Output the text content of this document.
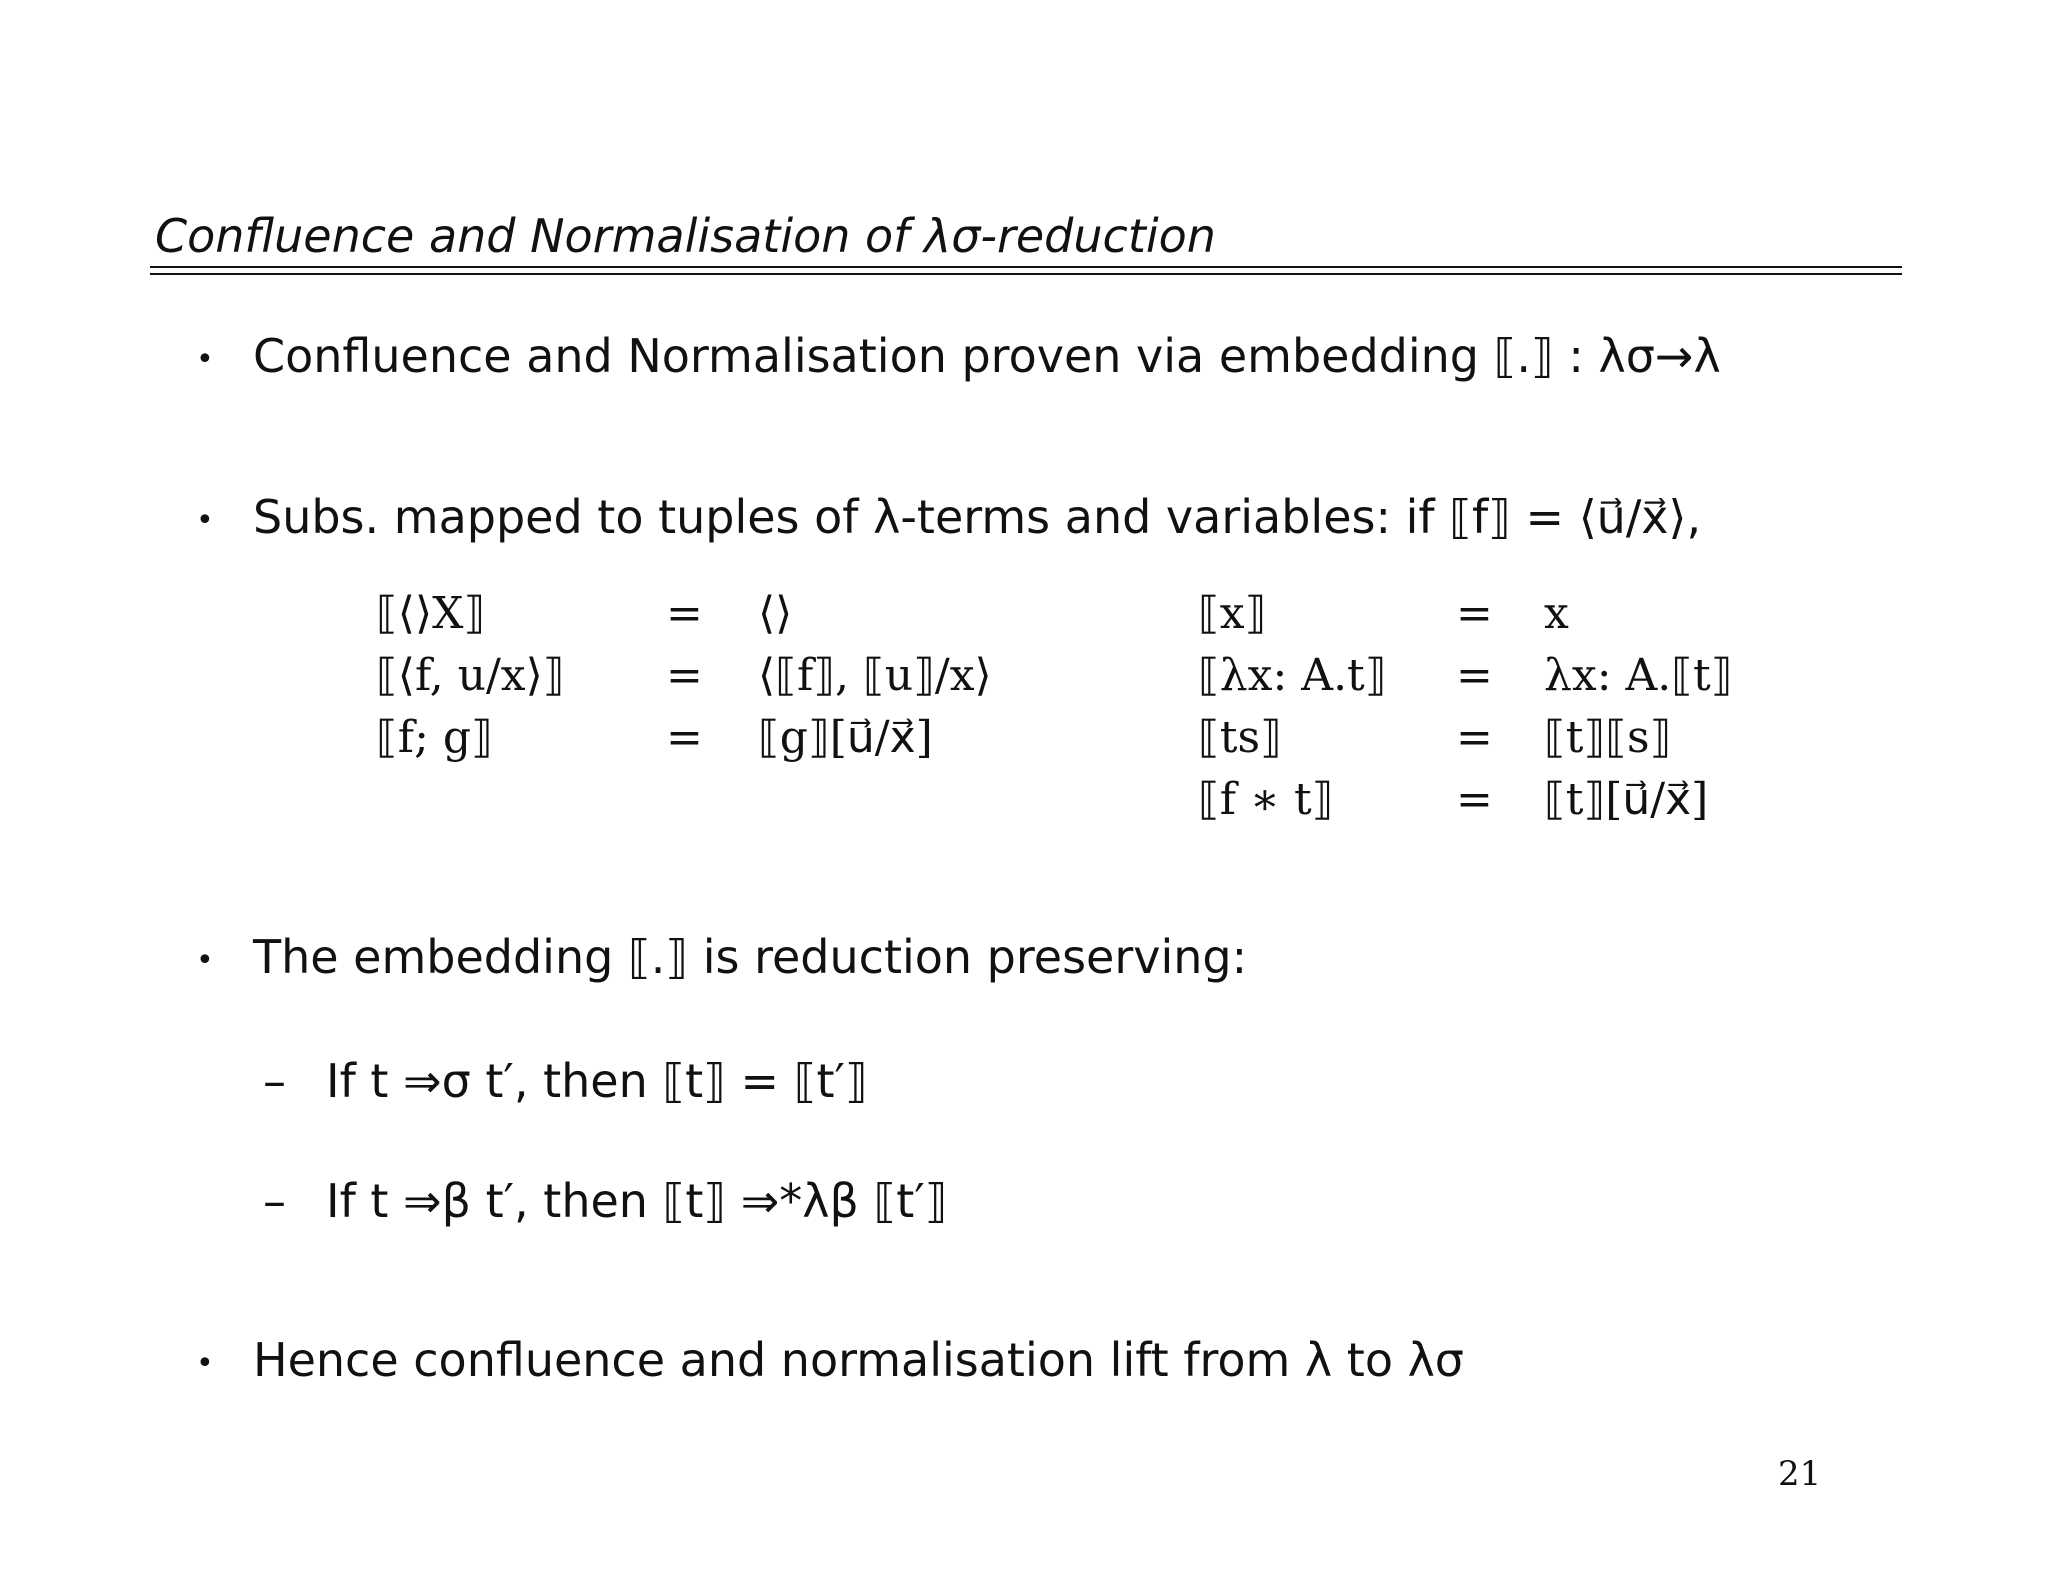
Confluence and Normalisation of λσ-reduction
• Confluence and Normalisation proven via embedding ⟦.⟧ : λσ→λ
• Subs. mapped to tuples of λ-terms and variables: if ⟦f⟧ = ⟨u⃗/x⃗⟩,
⟦⟨⟩X⟧	= ⟨⟩
⟦⟨f, u/x⟩⟧ = ⟨⟦f⟧, ⟦u⟧/x⟩
⟦f; g⟧	= ⟦g⟧[u⃗/x⃗]
⟦x⟧	= x
⟦λx: A.t⟧ = λx: A.⟦t⟧
⟦ts⟧	= ⟦t⟧⟦s⟧
⟦f ∗ t⟧	= ⟦t⟧[u⃗/x⃗]
• The embedding ⟦.⟧ is reduction preserving:
– If t ⇒σ t′, then ⟦t⟧ = ⟦t′⟧
– If t ⇒β t′, then ⟦t⟧ ⇒*λβ ⟦t′⟧
• Hence confluence and normalisation lift from λ to λσ
21
